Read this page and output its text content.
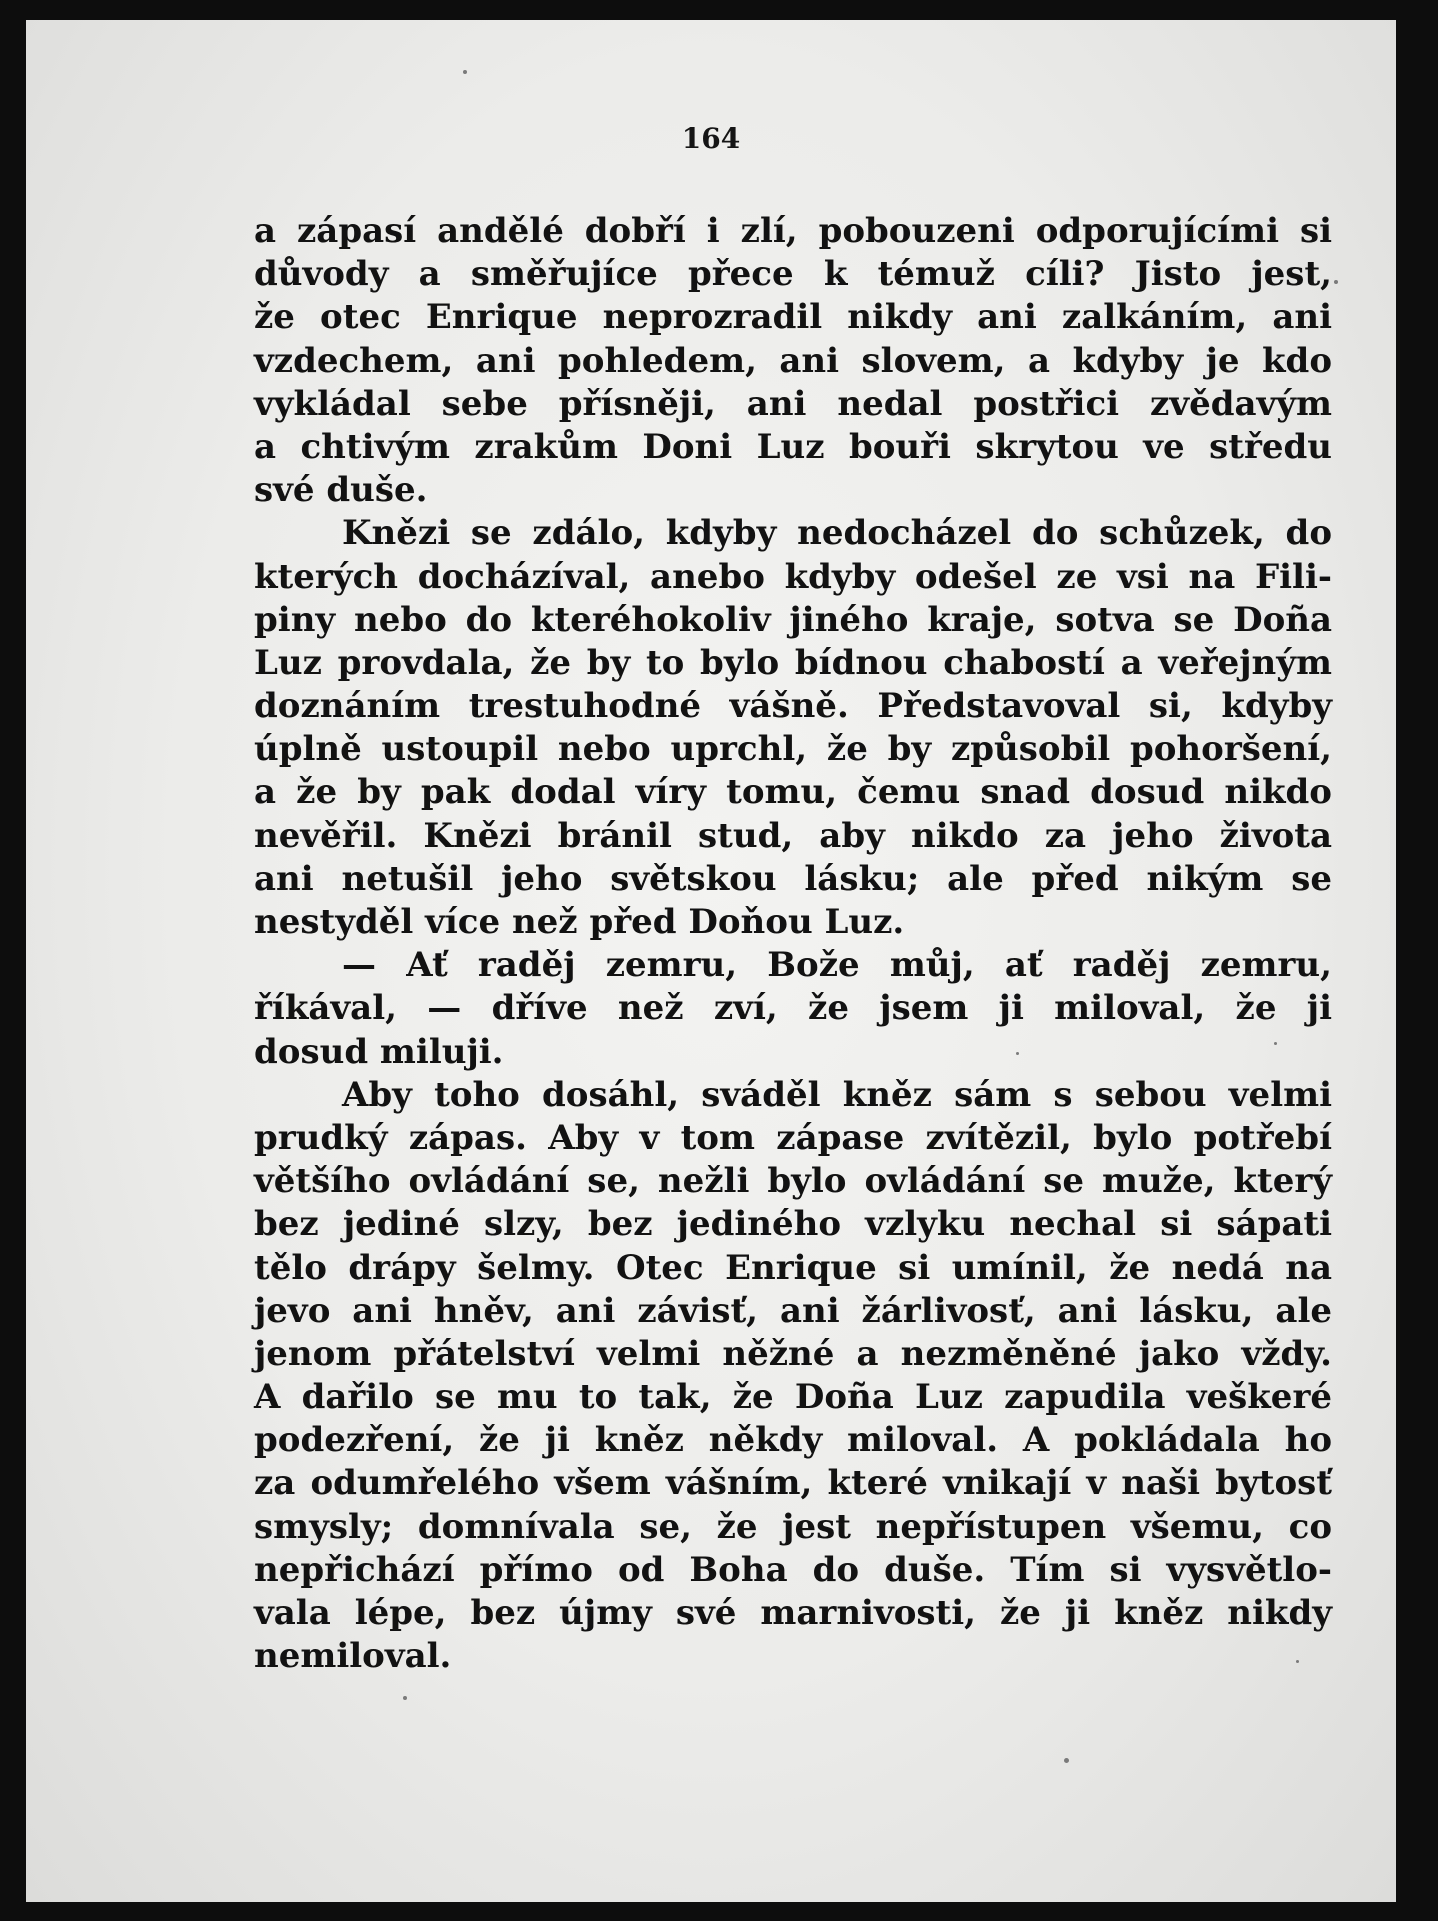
164
a zápasí andělé dobří i zlí, pobouzeni odporujícími si
důvody a směřujíce přece k témuž cíli? Jisto jest,
že otec Enrique neprozradil nikdy ani zalkáním, ani
vzdechem, ani pohledem, ani slovem, a kdyby je kdo
vykládal sebe přísněji, ani nedal postřici zvědavým
a chtivým zrakům Doni Luz bouři skrytou ve středu
své duše.
Knězi se zdálo, kdyby nedocházel do schůzek, do
kterých docházíval, anebo kdyby odešel ze vsi na Fili-
piny nebo do kteréhokoliv jiného kraje, sotva se Doña
Luz provdala, že by to bylo bídnou chabostí a veřejným
doznáním trestuhodné vášně. Představoval si, kdyby
úplně ustoupil nebo uprchl, že by způsobil pohoršení,
a že by pak dodal víry tomu, čemu snad dosud nikdo
nevěřil. Knězi bránil stud, aby nikdo za jeho života
ani netušil jeho světskou lásku; ale před nikým se
nestyděl více než před Doňou Luz.
— Ať raděj zemru, Bože můj, ať raděj zemru,
říkával, — dříve než zví, že jsem ji miloval, že ji
dosud miluji.
Aby toho dosáhl, sváděl kněz sám s sebou velmi
prudký zápas. Aby v tom zápase zvítězil, bylo potřebí
většího ovládání se, nežli bylo ovládání se muže, který
bez jediné slzy, bez jediného vzlyku nechal si sápati
tělo drápy šelmy. Otec Enrique si umínil, že nedá na
jevo ani hněv, ani závisť, ani žárlivosť, ani lásku, ale
jenom přátelství velmi něžné a nezměněné jako vždy.
A dařilo se mu to tak, že Doña Luz zapudila veškeré
podezření, že ji kněz někdy miloval. A pokládala ho
za odumřelého všem vášním, které vnikají v naši bytosť
smysly; domnívala se, že jest nepřístupen všemu, co
nepřichází přímo od Boha do duše. Tím si vysvětlo-
vala lépe, bez újmy své marnivosti, že ji kněz nikdy
nemiloval.
